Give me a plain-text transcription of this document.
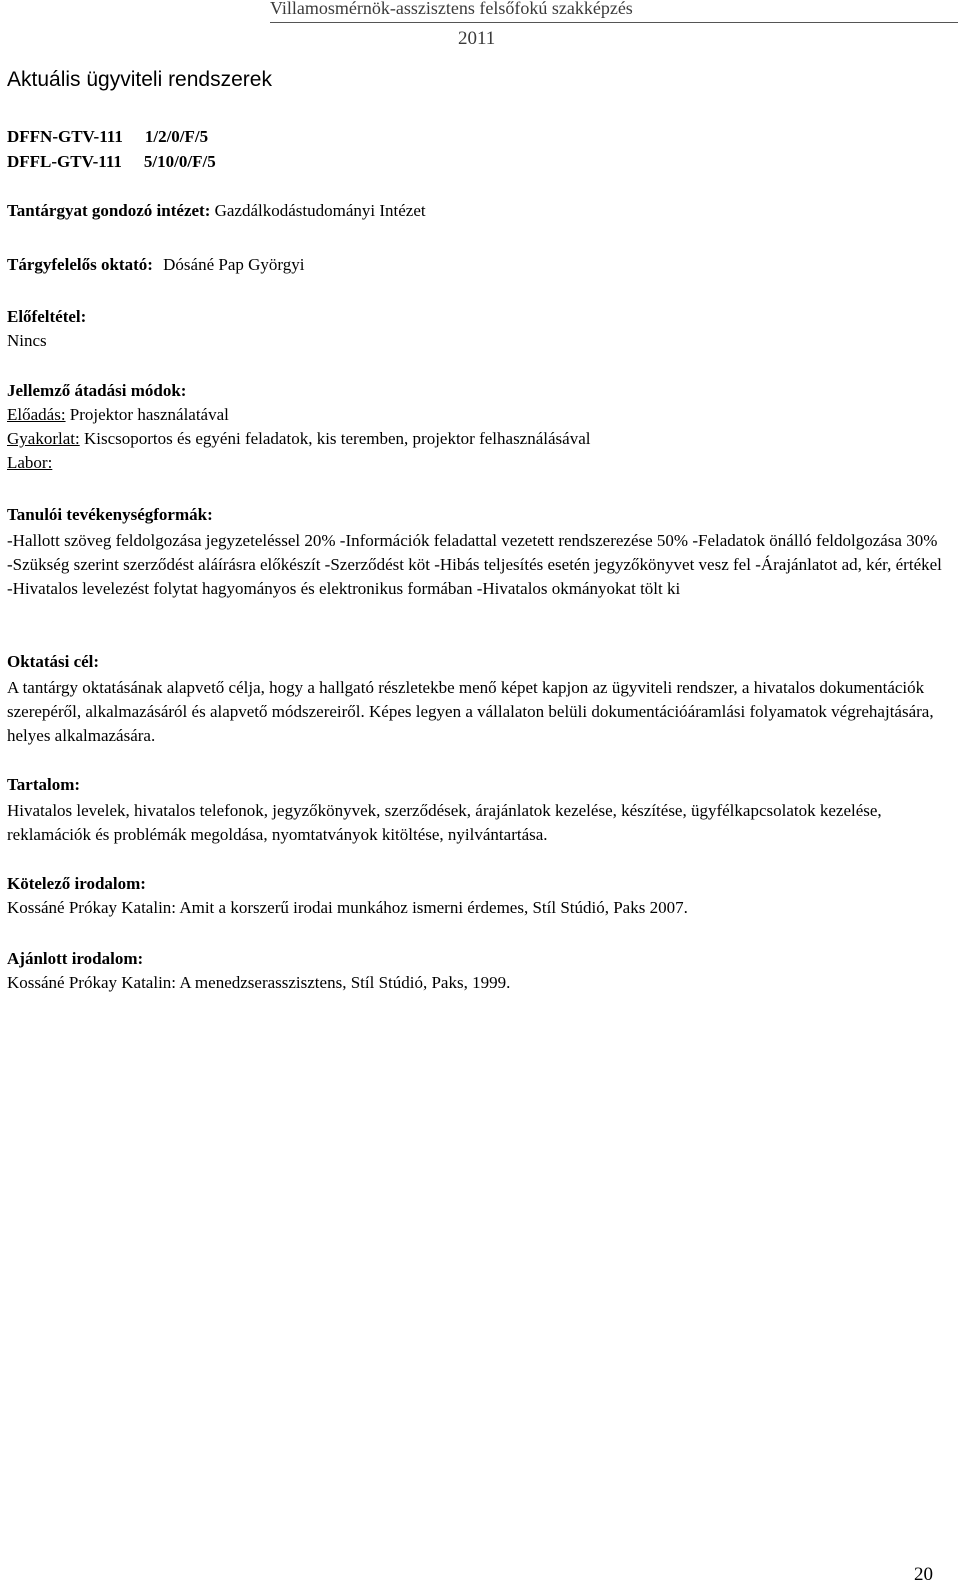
Villamosmérnök-asszisztens felsőfokú szakképzés
2011
Aktuális ügyviteli rendszerek
DFFN-GTV-111 1/2/0/F/5
DFFL-GTV-111 5/10/0/F/5
Tantárgyat gondozó intézet: Gazdálkodástudományi Intézet
Tárgyfelelős oktató: Dósáné Pap Györgyi
Előfeltétel:
Nincs
Jellemző átadási módok:
Előadás: Projektor használatával
Gyakorlat: Kiscsoportos és egyéni feladatok, kis teremben, projektor felhasználásával
Labor:
Tanulói tevékenységformák:
-Hallott szöveg feldolgozása jegyzeteléssel 20% -Információk feladattal vezetett rendszerezése 50% -Feladatok önálló feldolgozása 30% -Szükség szerint szerződést aláírásra előkészít -Szerződést köt -Hibás teljesítés esetén jegyzőkönyvet vesz fel -Árajánlatot ad, kér, értékel -Hivatalos levelezést folytat hagyományos és elektronikus formában -Hivatalos okmányokat tölt ki
Oktatási cél:
A tantárgy oktatásának alapvető célja, hogy a hallgató részletekbe menő képet kapjon az ügyviteli rendszer, a hivatalos dokumentációk szerepéről, alkalmazásáról és alapvető módszereiről. Képes legyen a vállalaton belüli dokumentációáramlási folyamatok végrehajtására, helyes alkalmazására.
Tartalom:
Hivatalos levelek, hivatalos telefonok, jegyzőkönyvek, szerződések, árajánlatok kezelése, készítése, ügyfélkapcsolatok kezelése, reklamációk és problémák megoldása, nyomtatványok kitöltése, nyilvántartása.
Kötelező irodalom:
Kossáné Prókay Katalin: Amit a korszerű irodai munkához ismerni érdemes, Stíl Stúdió, Paks 2007.
Ajánlott irodalom:
Kossáné Prókay Katalin: A menedzserasszisztens, Stíl Stúdió, Paks, 1999.
20
